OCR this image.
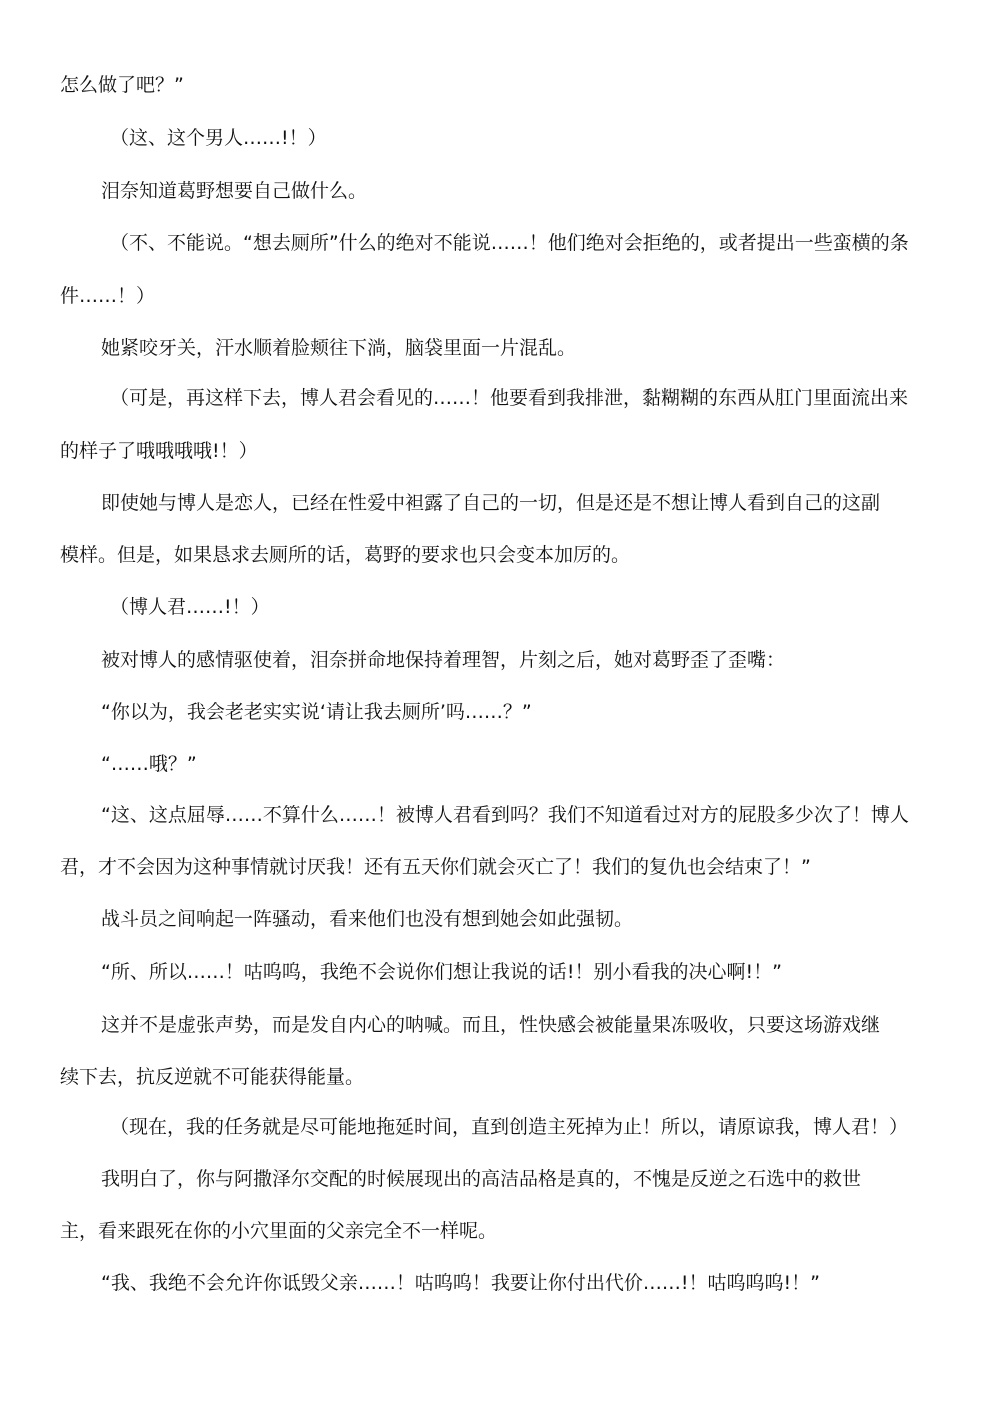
怎么做了吧？”
（这、这个男人……!！）
泪奈知道葛野想要自己做什么。
（不、不能说。“想去厕所”什么的绝对不能说……！他们绝对会拒绝的，或者提出一些蛮横的条
件……！）
她紧咬牙关，汗水顺着脸颊往下淌，脑袋里面一片混乱。
（可是，再这样下去，博人君会看见的……！他要看到我排泄，黏糊糊的东西从肛门里面流出来
的样子了哦哦哦哦!！）
即使她与博人是恋人，已经在性爱中袒露了自己的一切，但是还是不想让博人看到自己的这副
模样。但是，如果恳求去厕所的话，葛野的要求也只会变本加厉的。
（博人君……!！）
被对博人的感情驱使着，泪奈拼命地保持着理智，片刻之后，她对葛野歪了歪嘴：
“你以为，我会老老实实说‘请让我去厕所’吗……？”
“……哦？”
“这、这点屈辱……不算什么……！被博人君看到吗？我们不知道看过对方的屁股多少次了！博人
君，才不会因为这种事情就讨厌我！还有五天你们就会灭亡了！我们的复仇也会结束了！”
战斗员之间响起一阵骚动，看来他们也没有想到她会如此强韧。
“所、所以……！咕呜呜，我绝不会说你们想让我说的话!！别小看我的决心啊!！”
这并不是虚张声势，而是发自内心的呐喊。而且，性快感会被能量果冻吸收，只要这场游戏继
续下去，抗反逆就不可能获得能量。
（现在，我的任务就是尽可能地拖延时间，直到创造主死掉为止！所以，请原谅我，博人君！）
我明白了，你与阿撒泽尔交配的时候展现出的高洁品格是真的，不愧是反逆之石选中的救世
主，看来跟死在你的小穴里面的父亲完全不一样呢。
“我、我绝不会允许你诋毁父亲……！咕呜呜！我要让你付出代价……!！咕呜呜呜!！”
